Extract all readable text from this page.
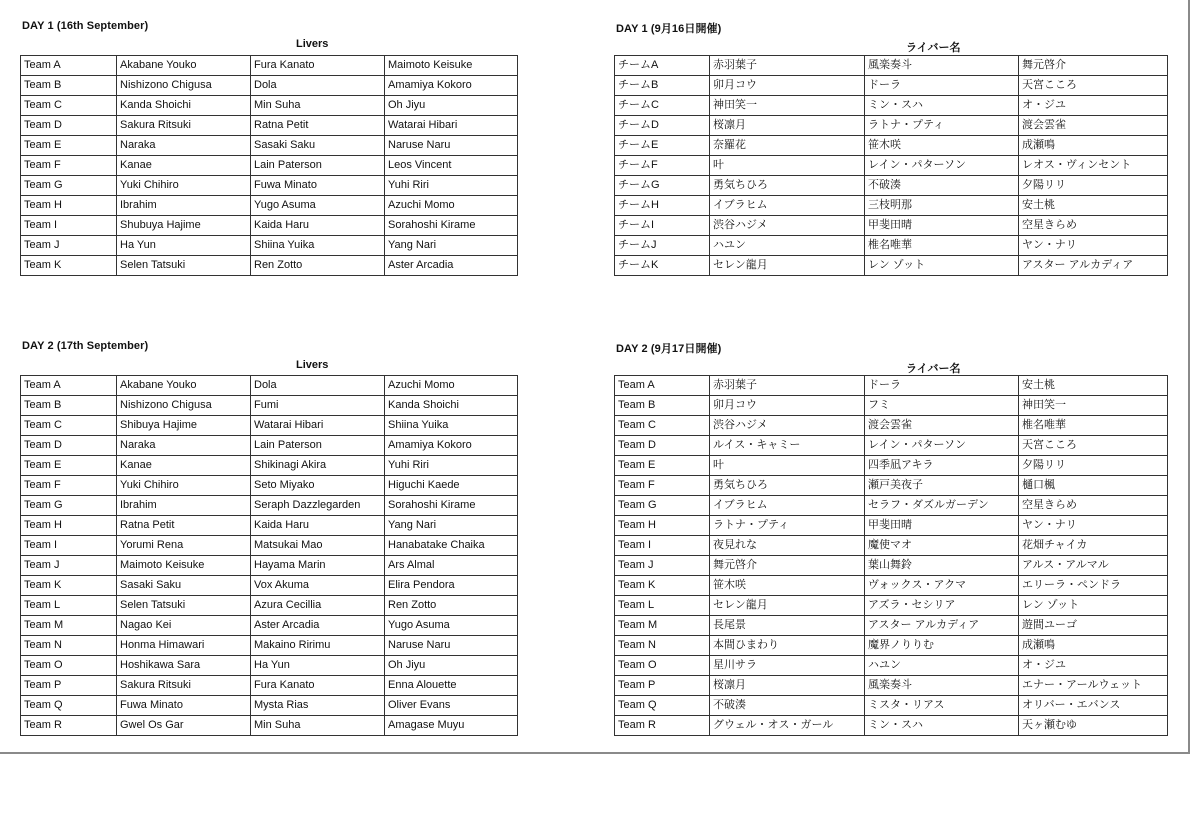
DAY 1 (16th September)
Livers
Team A	Akabane Youko	Fura Kanato	Maimoto Keisuke
Team B	Nishizono Chigusa	Dola	Amamiya Kokoro
Team C	Kanda Shoichi	Min Suha	Oh Jiyu
Team D	Sakura Ritsuki	Ratna Petit	Watarai Hibari
Team E	Naraka	Sasaki Saku	Naruse Naru
Team F	Kanae	Lain Paterson	Leos Vincent
Team G	Yuki Chihiro	Fuwa Minato	Yuhi Riri
Team H	Ibrahim	Yugo Asuma	Azuchi Momo
Team I	Shubuya Hajime	Kaida Haru	Sorahoshi Kirame
Team J	Ha Yun	Shiina Yuika	Yang Nari
Team K	Selen Tatsuki	Ren Zotto	Aster Arcadia
DAY 1 (9月16日開催)
ライバー名
チームA	赤羽葉子	風楽奏斗	舞元啓介
チームB	卯月コウ	ドーラ	天宮こころ
チームC	神田笑一	ミン・スハ	オ・ジユ
チームD	桜凛月	ラトナ・プティ	渡会雲雀
チームE	奈羅花	笹木咲	成瀬鳴
チームF	叶	レイン・パターソン	レオス・ヴィンセント
チームG	勇気ちひろ	不破湊	夕陽リリ
チームH	イブラヒム	三枝明那	安土桃
チームI	渋谷ハジメ	甲斐田晴	空星きらめ
チームJ	ハユン	椎名唯華	ヤン・ナリ
チームK	セレン龍月	レン ゾット	アスター アルカディア
DAY 2 (17th September)
Livers
Team A	Akabane Youko	Dola	Azuchi Momo
Team B	Nishizono Chigusa	Fumi	Kanda Shoichi
Team C	Shibuya Hajime	Watarai Hibari	Shiina Yuika
Team D	Naraka	Lain Paterson	Amamiya Kokoro
Team E	Kanae	Shikinagi Akira	Yuhi Riri
Team F	Yuki Chihiro	Seto Miyako	Higuchi Kaede
Team G	Ibrahim	Seraph Dazzlegarden	Sorahoshi Kirame
Team H	Ratna Petit	Kaida Haru	Yang Nari
Team I	Yorumi Rena	Matsukai Mao	Hanabatake Chaika
Team J	Maimoto Keisuke	Hayama Marin	Ars Almal
Team K	Sasaki Saku	Vox Akuma	Elira Pendora
Team L	Selen Tatsuki	Azura Cecillia	Ren Zotto
Team M	Nagao Kei	Aster Arcadia	Yugo Asuma
Team N	Honma Himawari	Makaino Ririmu	Naruse Naru
Team O	Hoshikawa Sara	Ha Yun	Oh Jiyu
Team P	Sakura Ritsuki	Fura Kanato	Enna Alouette
Team Q	Fuwa Minato	Mysta Rias	Oliver Evans
Team R	Gwel Os Gar	Min Suha	Amagase Muyu
DAY 2 (9月17日開催)
ライバー名
Team A	赤羽葉子	ドーラ	安土桃
Team B	卯月コウ	フミ	神田笑一
Team C	渋谷ハジメ	渡会雲雀	椎名唯華
Team D	ルイス・キャミー	レイン・パターソン	天宮こころ
Team E	叶	四季凪アキラ	夕陽リリ
Team F	勇気ちひろ	瀬戸美夜子	樋口楓
Team G	イブラヒム	セラフ・ダズルガーデン	空星きらめ
Team H	ラトナ・プティ	甲斐田晴	ヤン・ナリ
Team I	夜見れな	魔使マオ	花畑チャイカ
Team J	舞元啓介	葉山舞鈴	アルス・アルマル
Team K	笹木咲	ヴォックス・アクマ	エリーラ・ペンドラ
Team L	セレン龍月	アズラ・セシリア	レン ゾット
Team M	長尾景	アスター アルカディア	遊間ユーゴ
Team N	本間ひまわり	魔界ノりりむ	成瀬鳴
Team O	星川サラ	ハユン	オ・ジユ
Team P	桜凛月	風楽奏斗	エナー・アールウェット
Team Q	不破湊	ミスタ・リアス	オリバー・エバンス
Team R	グウェル・オス・ガール	ミン・スハ	天ヶ瀬むゆ
